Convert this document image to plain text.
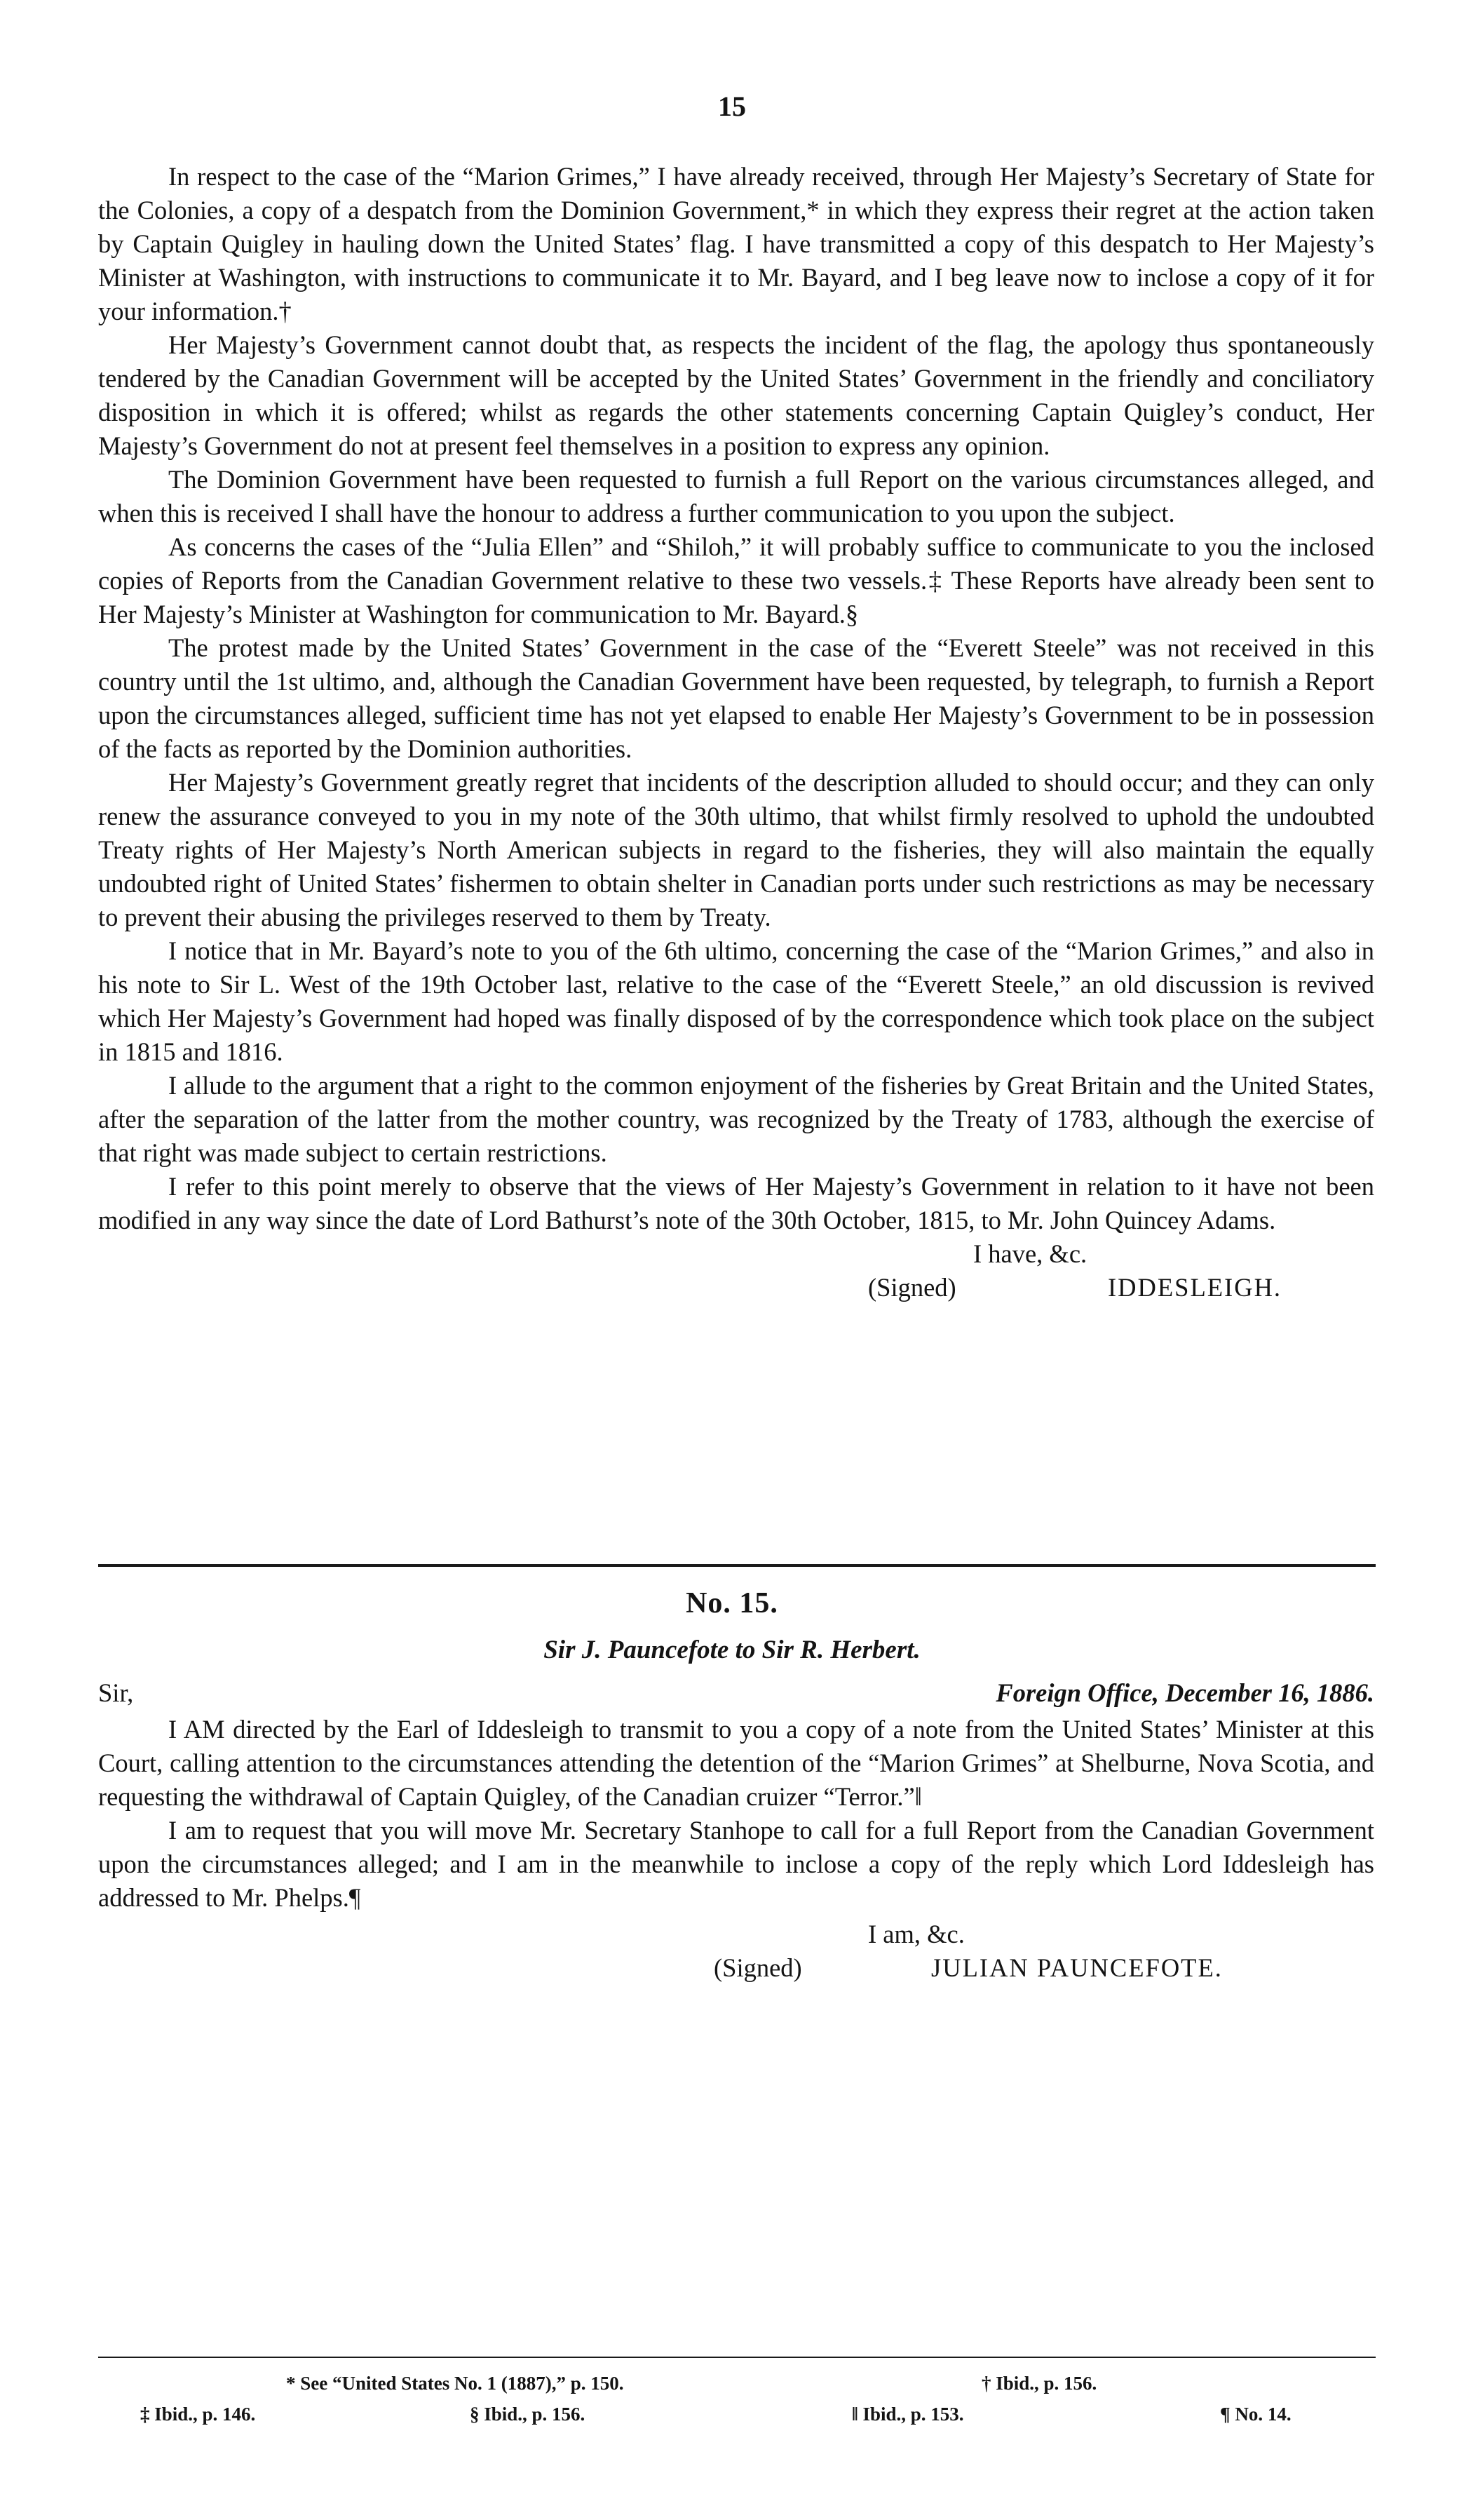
15

In respect to the case of the “Marion Grimes,” I have already received, through Her Majesty’s Secretary of State for the Colonies, a copy of a despatch from the Dominion Government,* in which they express their regret at the action taken by Captain Quigley in hauling down the United States’ flag. I have transmitted a copy of this despatch to Her Majesty’s Minister at Washington, with instructions to communicate it to Mr. Bayard, and I beg leave now to inclose a copy of it for your information.†

Her Majesty’s Government cannot doubt that, as respects the incident of the flag, the apology thus spontaneously tendered by the Canadian Government will be accepted by the United States’ Government in the friendly and conciliatory disposition in which it is offered; whilst as regards the other statements concerning Captain Quigley’s conduct, Her Majesty’s Government do not at present feel themselves in a position to express any opinion.

The Dominion Government have been requested to furnish a full Report on the various circumstances alleged, and when this is received I shall have the honour to address a further communication to you upon the subject.

As concerns the cases of the “Julia Ellen” and “Shiloh,” it will probably suffice to communicate to you the inclosed copies of Reports from the Canadian Government relative to these two vessels.‡ These Reports have already been sent to Her Majesty’s Minister at Washington for communication to Mr. Bayard.§

The protest made by the United States’ Government in the case of the “Everett Steele” was not received in this country until the 1st ultimo, and, although the Canadian Government have been requested, by telegraph, to furnish a Report upon the circumstances alleged, sufficient time has not yet elapsed to enable Her Majesty’s Government to be in possession of the facts as reported by the Dominion authorities.

Her Majesty’s Government greatly regret that incidents of the description alluded to should occur; and they can only renew the assurance conveyed to you in my note of the 30th ultimo, that whilst firmly resolved to uphold the undoubted Treaty rights of Her Majesty’s North American subjects in regard to the fisheries, they will also maintain the equally undoubted right of United States’ fishermen to obtain shelter in Canadian ports under such restrictions as may be necessary to prevent their abusing the privileges reserved to them by Treaty.

I notice that in Mr. Bayard’s note to you of the 6th ultimo, concerning the case of the “Marion Grimes,” and also in his note to Sir L. West of the 19th October last, relative to the case of the “Everett Steele,” an old discussion is revived which Her Majesty’s Government had hoped was finally disposed of by the correspondence which took place on the subject in 1815 and 1816.

I allude to the argument that a right to the common enjoyment of the fisheries by Great Britain and the United States, after the separation of the latter from the mother country, was recognized by the Treaty of 1783, although the exercise of that right was made subject to certain restrictions.

I refer to this point merely to observe that the views of Her Majesty’s Government in relation to it have not been modified in any way since the date of Lord Bathurst’s note of the 30th October, 1815, to Mr. John Quincey Adams.

I have, &c.
(Signed)	IDDESLEIGH.
No. 15.
Sir J. Pauncefote to Sir R. Herbert.
Sir,	Foreign Office, December 16, 1886.

I AM directed by the Earl of Iddesleigh to transmit to you a copy of a note from the United States’ Minister at this Court, calling attention to the circumstances attending the detention of the “Marion Grimes” at Shelburne, Nova Scotia, and requesting the withdrawal of Captain Quigley, of the Canadian cruizer “Terror.”‖

I am to request that you will move Mr. Secretary Stanhope to call for a full Report from the Canadian Government upon the circumstances alleged; and I am in the meanwhile to inclose a copy of the reply which Lord Iddesleigh has addressed to Mr. Phelps.¶

I am, &c.
(Signed)	JULIAN PAUNCEFOTE.
* See “United States No. 1 (1887),” p. 150.	† Ibid., p. 156.
‡ Ibid., p. 146.	§ Ibid., p. 156.	‖ Ibid., p. 153.	¶ No. 14.
